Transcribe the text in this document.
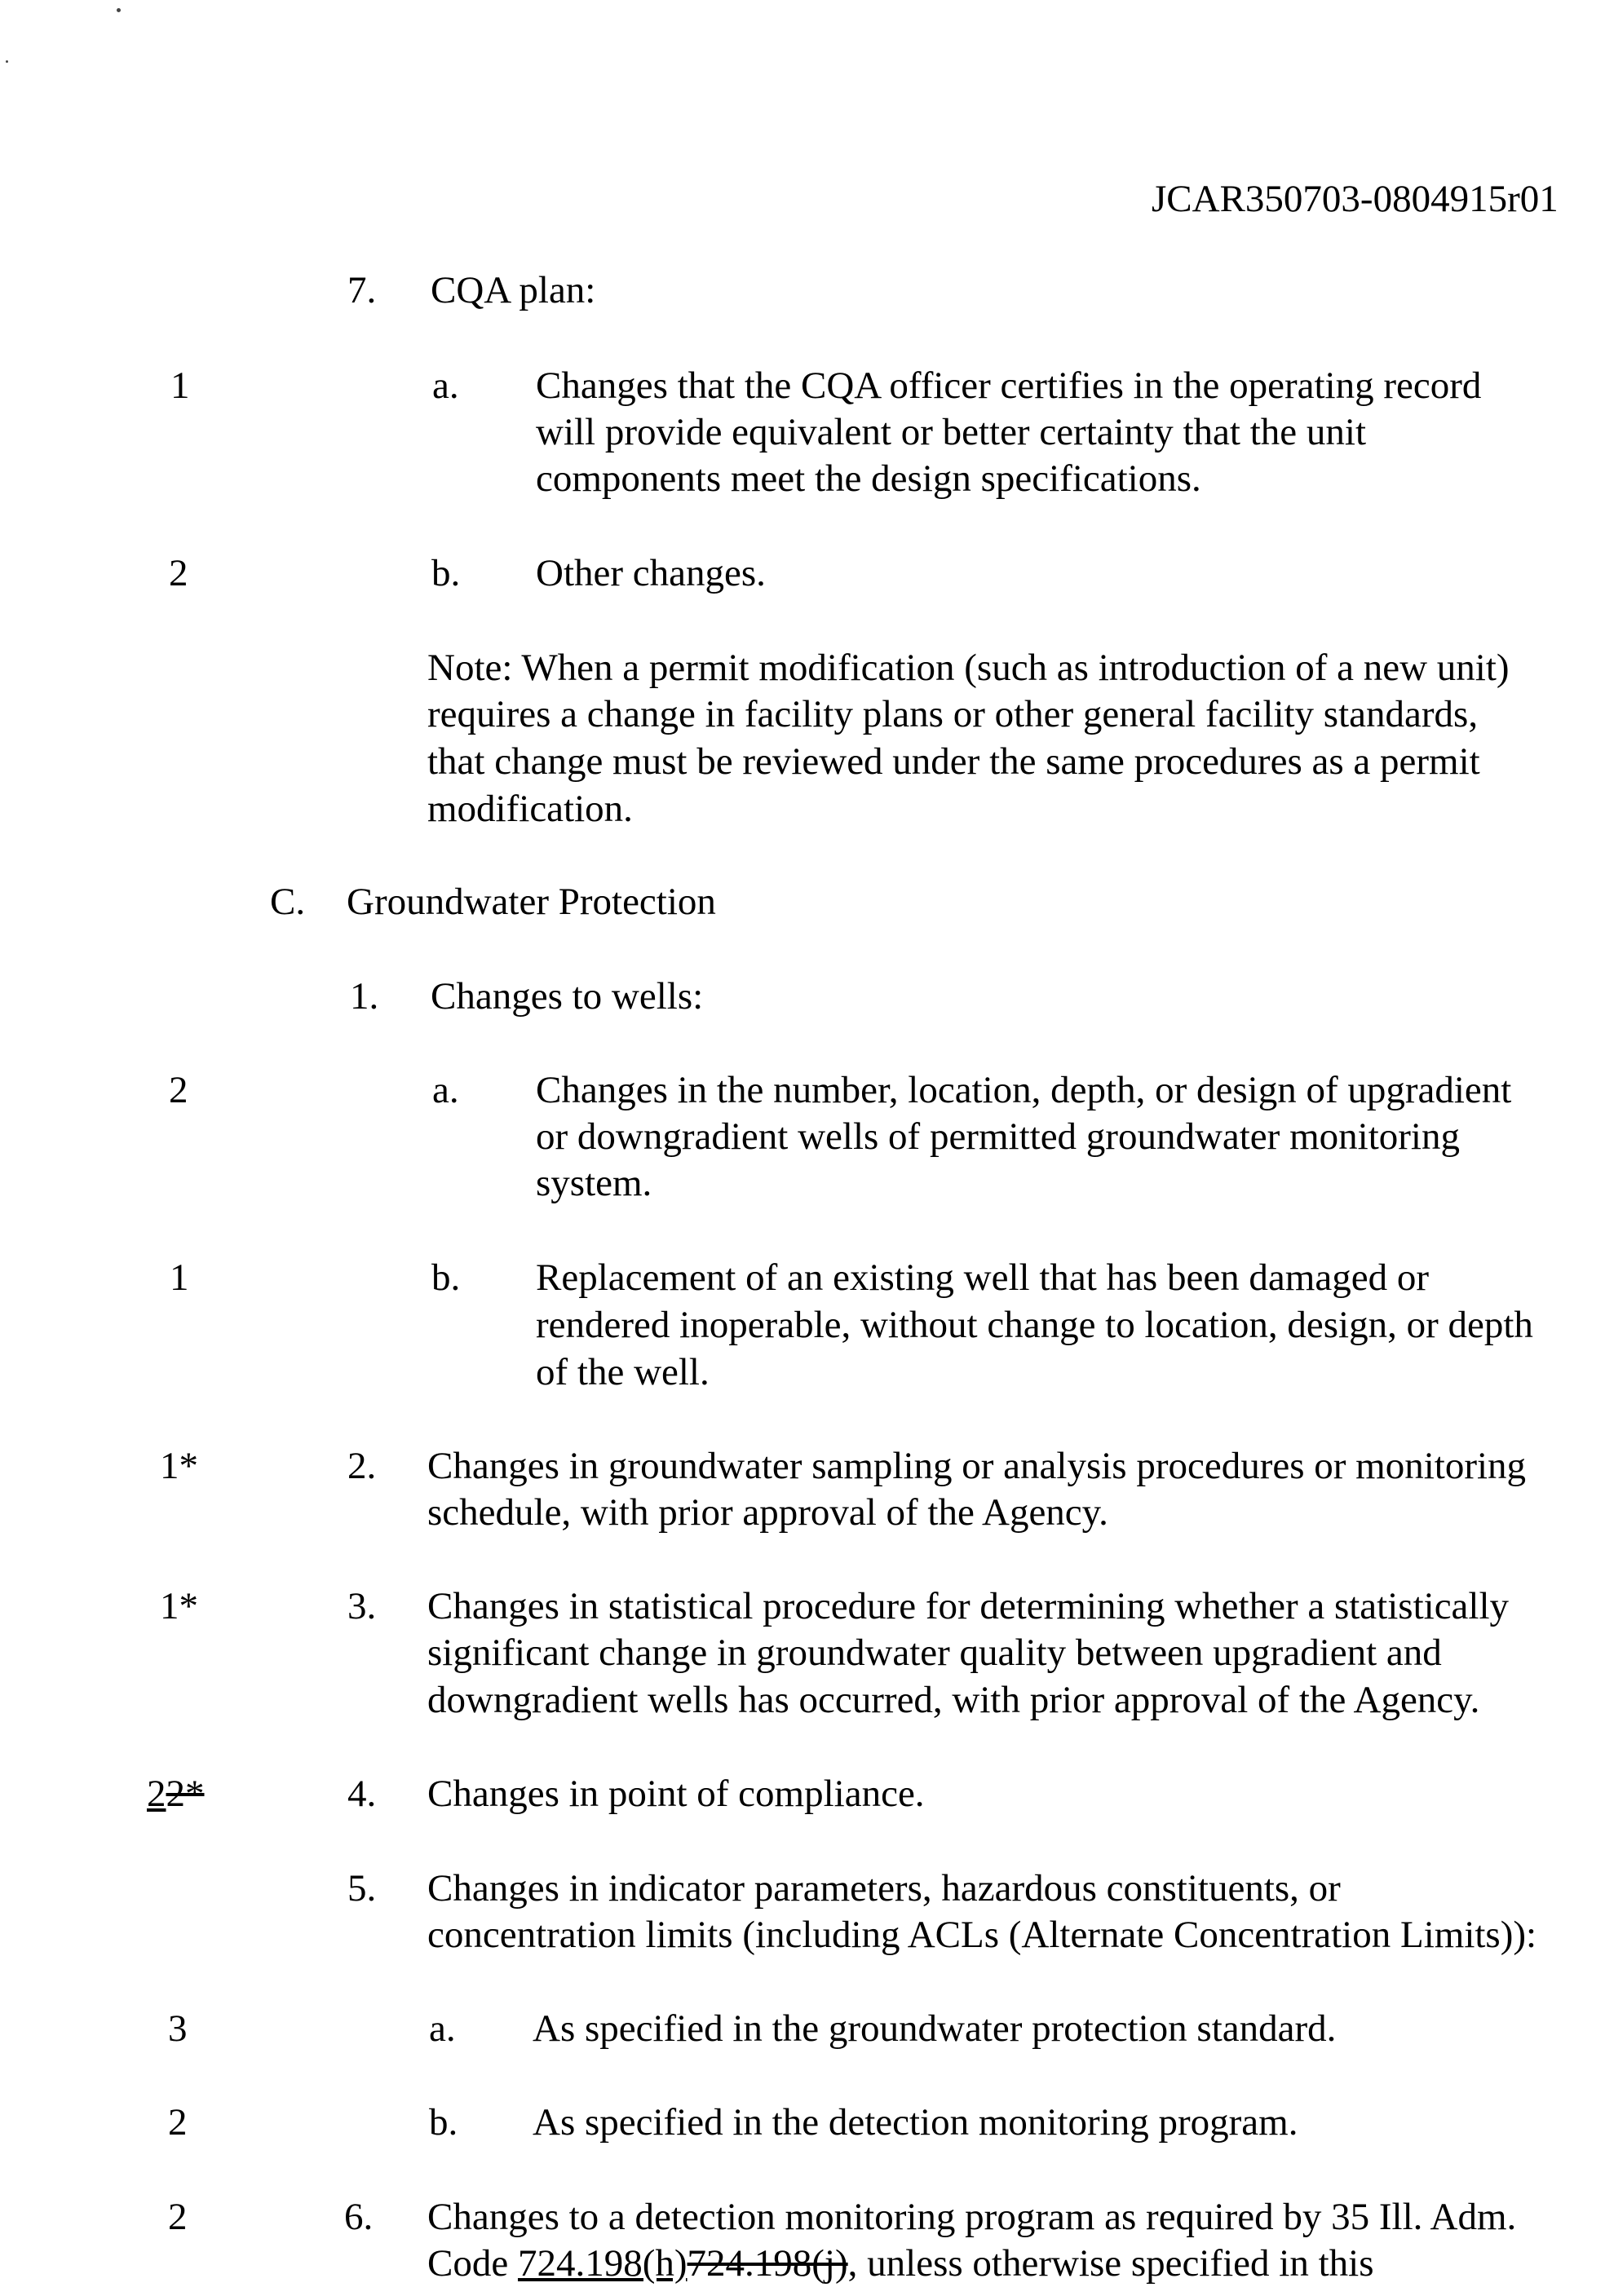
JCAR350703-0804915r01
7. CQA plan:
1	a. Changes that the CQA officer certifies in the operating record
will provide equivalent or better certainty that the unit
components meet the design specifications.
2	b. Other changes.
Note: When a permit modification (such as introduction of a new unit)
requires a change in facility plans or other general facility standards,
that change must be reviewed under the same procedures as a permit
modification.
C. Groundwater Protection
1. Changes to wells:
2	a. Changes in the number, location, depth, or design of upgradient
or downgradient wells of permitted groundwater monitoring
system.
1	b. Replacement of an existing well that has been damaged or
rendered inoperable, without change to location, design, or depth
of the well.
1*	2. Changes in groundwater sampling or analysis procedures or monitoring
schedule, with prior approval of the Agency.
1*	3. Changes in statistical procedure for determining whether a statistically
significant change in groundwater quality between upgradient and
downgradient wells has occurred, with prior approval of the Agency.
22*	4. Changes in point of compliance.
5. Changes in indicator parameters, hazardous constituents, or
concentration limits (including ACLs (Alternate Concentration Limits)):
3	a. As specified in the groundwater protection standard.
2	b. As specified in the detection monitoring program.
2	6. Changes to a detection monitoring program as required by 35 Ill. Adm.
Code 724.198(h)724.198(j), unless otherwise specified in this
